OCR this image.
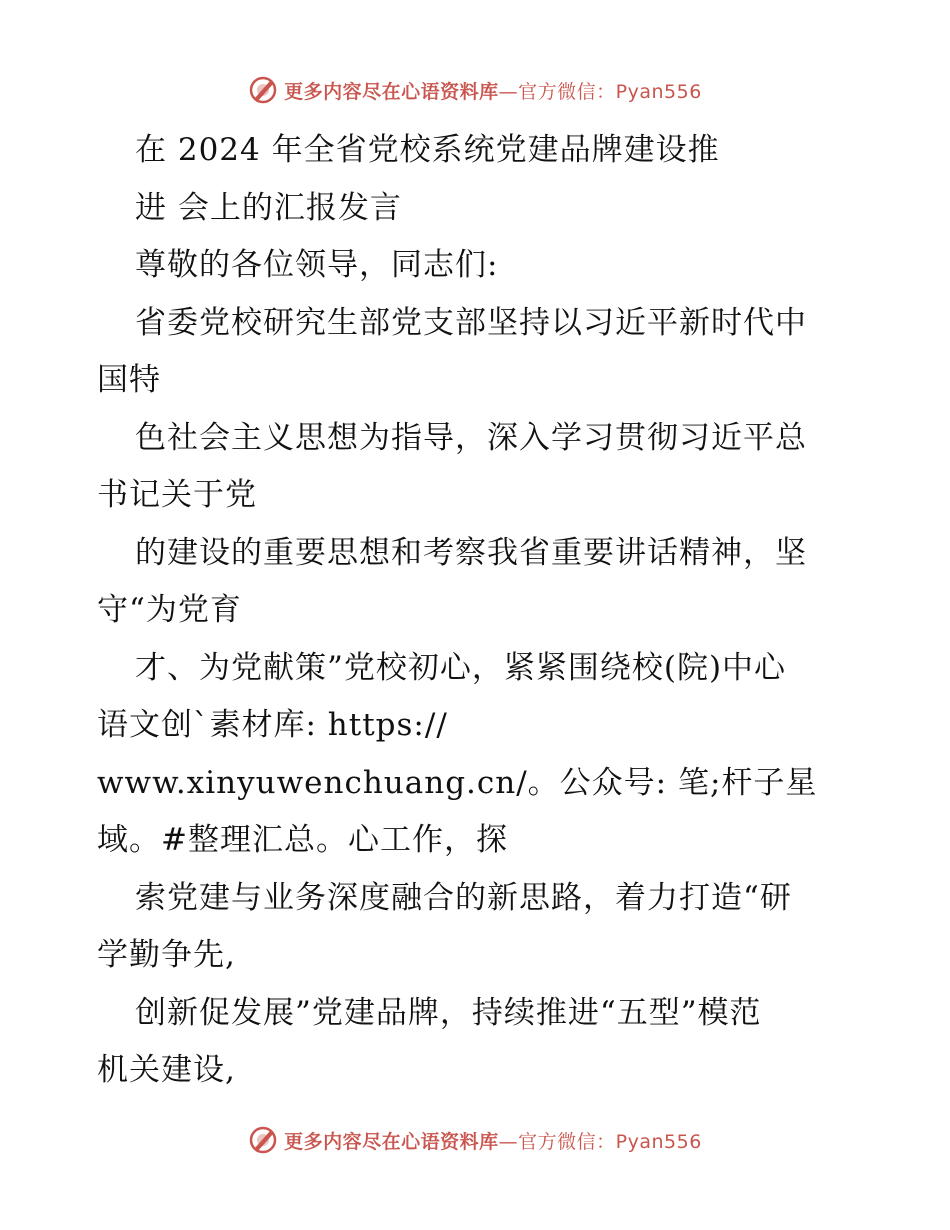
更多内容尽在心语资料库—官方微信：Pyan556
在 2024 年全省党校系统党建品牌建设推
进 会上的汇报发言
尊敬的各位领导，同志们:
省委党校研究生部党支部坚持以习近平新时代中
国特
色社会主义思想为指导，深入学习贯彻习近平总
书记关于党
的建设的重要思想和考察我省重要讲话精神，坚
守“为党育
才、为党献策”党校初心，紧紧围绕校(院)中心
语文创`素材库: https://
www.xinyuwenchuang.cn/。公众号: 笔;杆子星
域。#整理汇总。心工作，探
索党建与业务深度融合的新思路，着力打造“研
学勤争先,
创新促发展”党建品牌，持续推进“五型”模范
机关建设,
更多内容尽在心语资料库—官方微信：Pyan556
